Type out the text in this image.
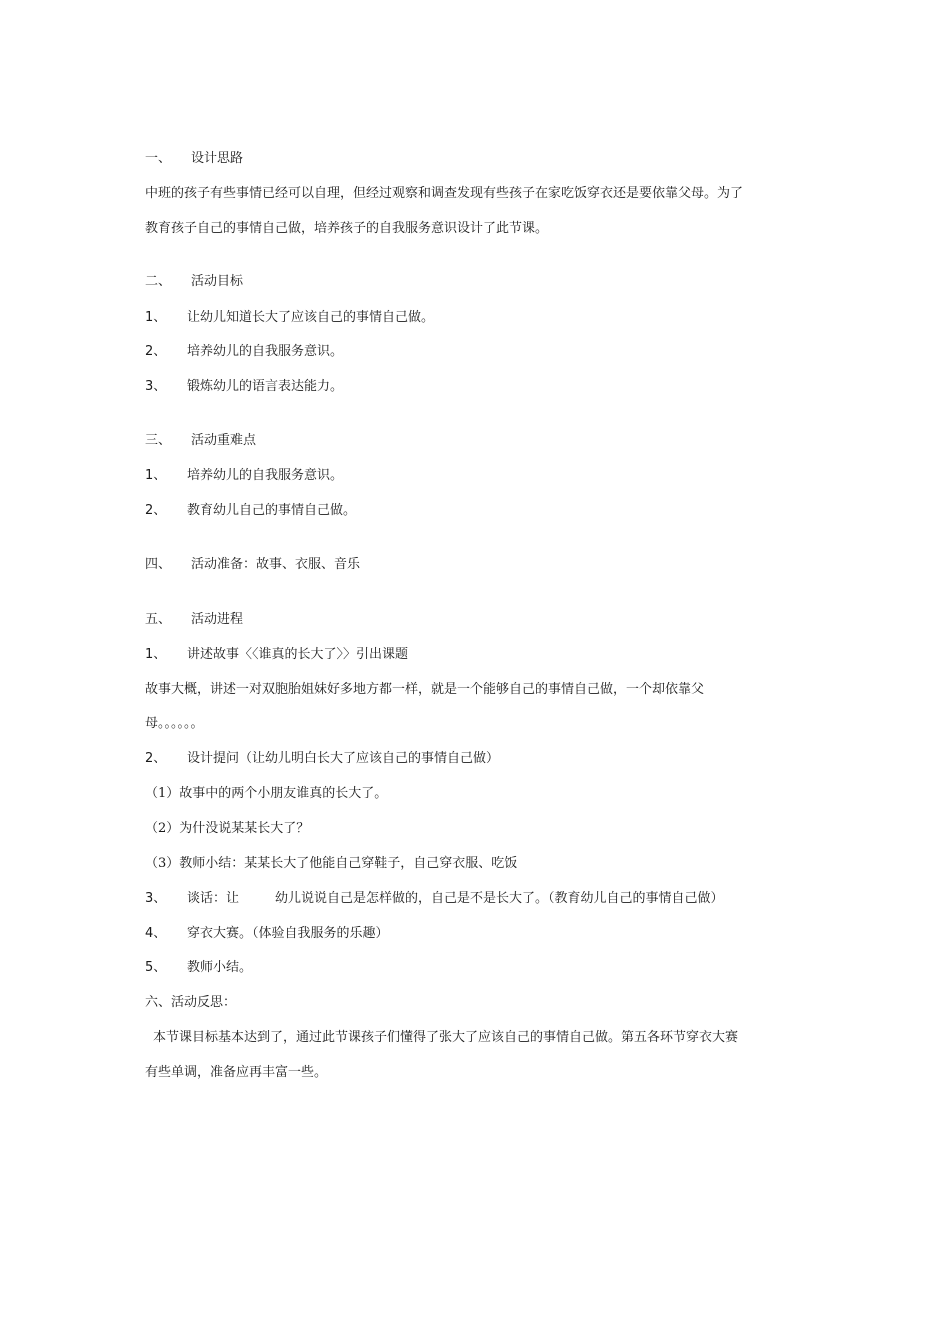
一、 设计思路
中班的孩子有些事情已经可以自理，但经过观察和调查发现有些孩子在家吃饭穿衣还是要依靠父母。为了
教育孩子自己的事情自己做，培养孩子的自我服务意识设计了此节课。
二、 活动目标
1、 让幼儿知道长大了应该自己的事情自己做。
2、 培养幼儿的自我服务意识。
3、 锻炼幼儿的语言表达能力。
三、 活动重难点
1、 培养幼儿的自我服务意识。
2、 教育幼儿自己的事情自己做。
四、 活动准备：故事、衣服、音乐
五、 活动进程
1、 讲述故事〈〈谁真的长大了〉〉引出课题
故事大概，讲述一对双胞胎姐妹好多地方都一样，就是一个能够自己的事情自己做，一个却依靠父
母。。。。。。
2、 设计提问（让幼儿明白长大了应该自己的事情自己做）
（1）故事中的两个小朋友谁真的长大了。
（2）为什没说某某长大了？
（3）教师小结：某某长大了他能自己穿鞋子，自己穿衣服、吃饭
3、 谈话：让	幼儿说说自己是怎样做的，自己是不是长大了。（教育幼儿自己的事情自己做）
4、 穿衣大赛。（体验自我服务的乐趣）
5、 教师小结。
六、活动反思：
本节课目标基本达到了，通过此节课孩子们懂得了张大了应该自己的事情自己做。第五各环节穿衣大赛
有些单调，准备应再丰富一些。
